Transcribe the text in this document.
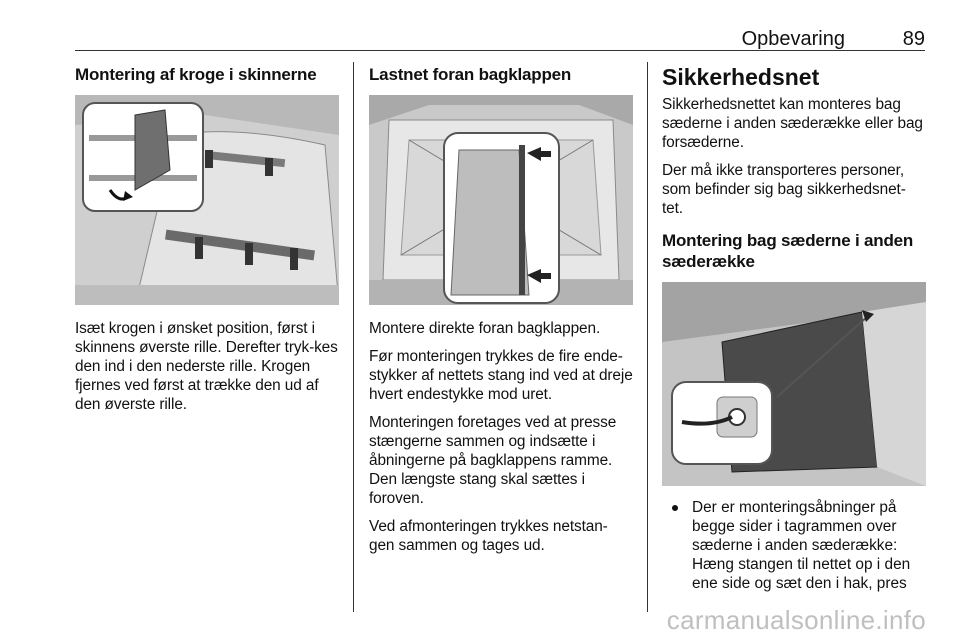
Opbevaring	89
Montering af kroge i skinnerne

Isæt krogen i ønsket position, først i skinnens øverste rille. Derefter tryk-kes den ind i den nederste rille. Krogen fjernes ved først at trække den ud af den øverste rille.

Lastnet foran bagklappen

Montere direkte foran bagklappen.

Før monteringen trykkes de fire ende-stykker af nettets stang ind ved at dreje hvert endestykke mod uret.

Monteringen foretages ved at presse stængerne sammen og indsætte i åbningerne på bagklappens ramme. Den længste stang skal sættes i foroven.

Ved afmonteringen trykkes netstan-gen sammen og tages ud.

Sikkerhedsnet

Sikkerhedsnettet kan monteres bag sæderne i anden sæderække eller bag forsæderne.

Der må ikke transporteres personer, som befinder sig bag sikkerhedsnet-tet.

Montering bag sæderne i anden sæderække
Der er monteringsåbninger på begge sider i tagrammen over sæderne i anden sæderække: Hæng stangen til nettet op i den ene side og sæt den i hak, pres
carmanualsonline.info
